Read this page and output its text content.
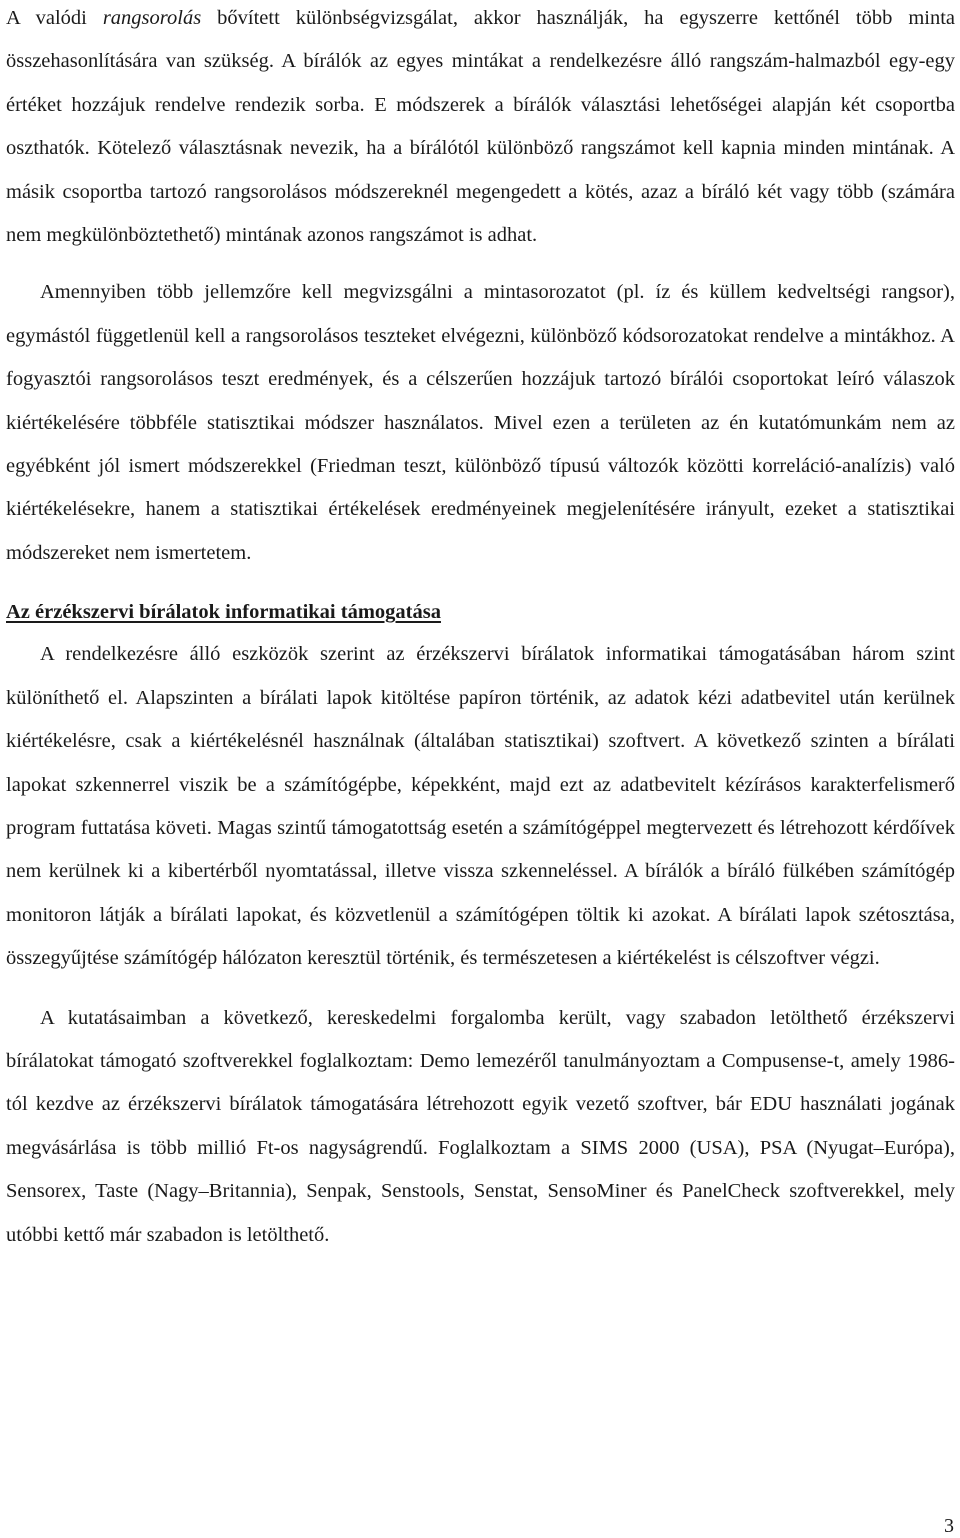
A valódi rangsorolás bővített különbségvizsgálat, akkor használják, ha egyszerre kettőnél több minta összehasonlítására van szükség. A bírálók az egyes mintákat a rendelkezésre álló rangszám-halmazból egy-egy értéket hozzájuk rendelve rendezik sorba. E módszerek a bírálók választási lehetőségei alapján két csoportba oszthatók. Kötelező választásnak nevezik, ha a bírálótól különböző rangszámot kell kapnia minden mintának. A másik csoportba tartozó rangsorolásos módszereknél megengedett a kötés, azaz a bíráló két vagy több (számára nem megkülönböztethető) mintának azonos rangszámot is adhat.

Amennyiben több jellemzőre kell megvizsgálni a mintasorozatot (pl. íz és küllem kedveltségi rangsor), egymástól függetlenül kell a rangsorolásos teszteket elvégezni, különböző kódsorozatokat rendelve a mintákhoz. A fogyasztói rangsorolásos teszt eredmények, és a célszerűen hozzájuk tartozó bírálói csoportokat leíró válaszok kiértékelésére többféle statisztikai módszer használatos. Mivel ezen a területen az én kutatómunkám nem az egyébként jól ismert módszerekkel (Friedman teszt, különböző típusú változók közötti korreláció-analízis) való kiértékelésekre, hanem a statisztikai értékelések eredményeinek megjelenítésére irányult, ezeket a statisztikai módszereket nem ismertetem.

Az érzékszervi bírálatok informatikai támogatása

A rendelkezésre álló eszközök szerint az érzékszervi bírálatok informatikai támogatásában három szint különíthető el. Alapszinten a bírálati lapok kitöltése papíron történik, az adatok kézi adatbevitel után kerülnek kiértékelésre, csak a kiértékelésnél használnak (általában statisztikai) szoftvert. A következő szinten a bírálati lapokat szkennerrel viszik be a számítógépbe, képekként, majd ezt az adatbevitelt kézírásos karakterfelismerő program futtatása követi. Magas szintű támogatottság esetén a számítógéppel megtervezett és létrehozott kérdőívek nem kerülnek ki a kibertérből nyomtatással, illetve vissza szkenneléssel. A bírálók a bíráló fülkében számítógép monitoron látják a bírálati lapokat, és közvetlenül a számítógépen töltik ki azokat. A bírálati lapok szétosztása, összegyűjtése számítógép hálózaton keresztül történik, és természetesen a kiértékelést is célszoftver végzi.

A kutatásaimban a következő, kereskedelmi forgalomba került, vagy szabadon letölthető érzékszervi bírálatokat támogató szoftverekkel foglalkoztam: Demo lemezéről tanulmányoztam a Compusense-t, amely 1986-tól kezdve az érzékszervi bírálatok támogatására létrehozott egyik vezető szoftver, bár EDU használati jogának megvásárlása is több millió Ft-os nagyságrendű. Foglalkoztam a SIMS 2000 (USA), PSA (Nyugat–Európa), Sensorex, Taste (Nagy–Britannia), Senpak, Senstools, Senstat, SensoMiner és PanelCheck szoftverekkel, mely utóbbi kettő már szabadon is letölthető.

3
